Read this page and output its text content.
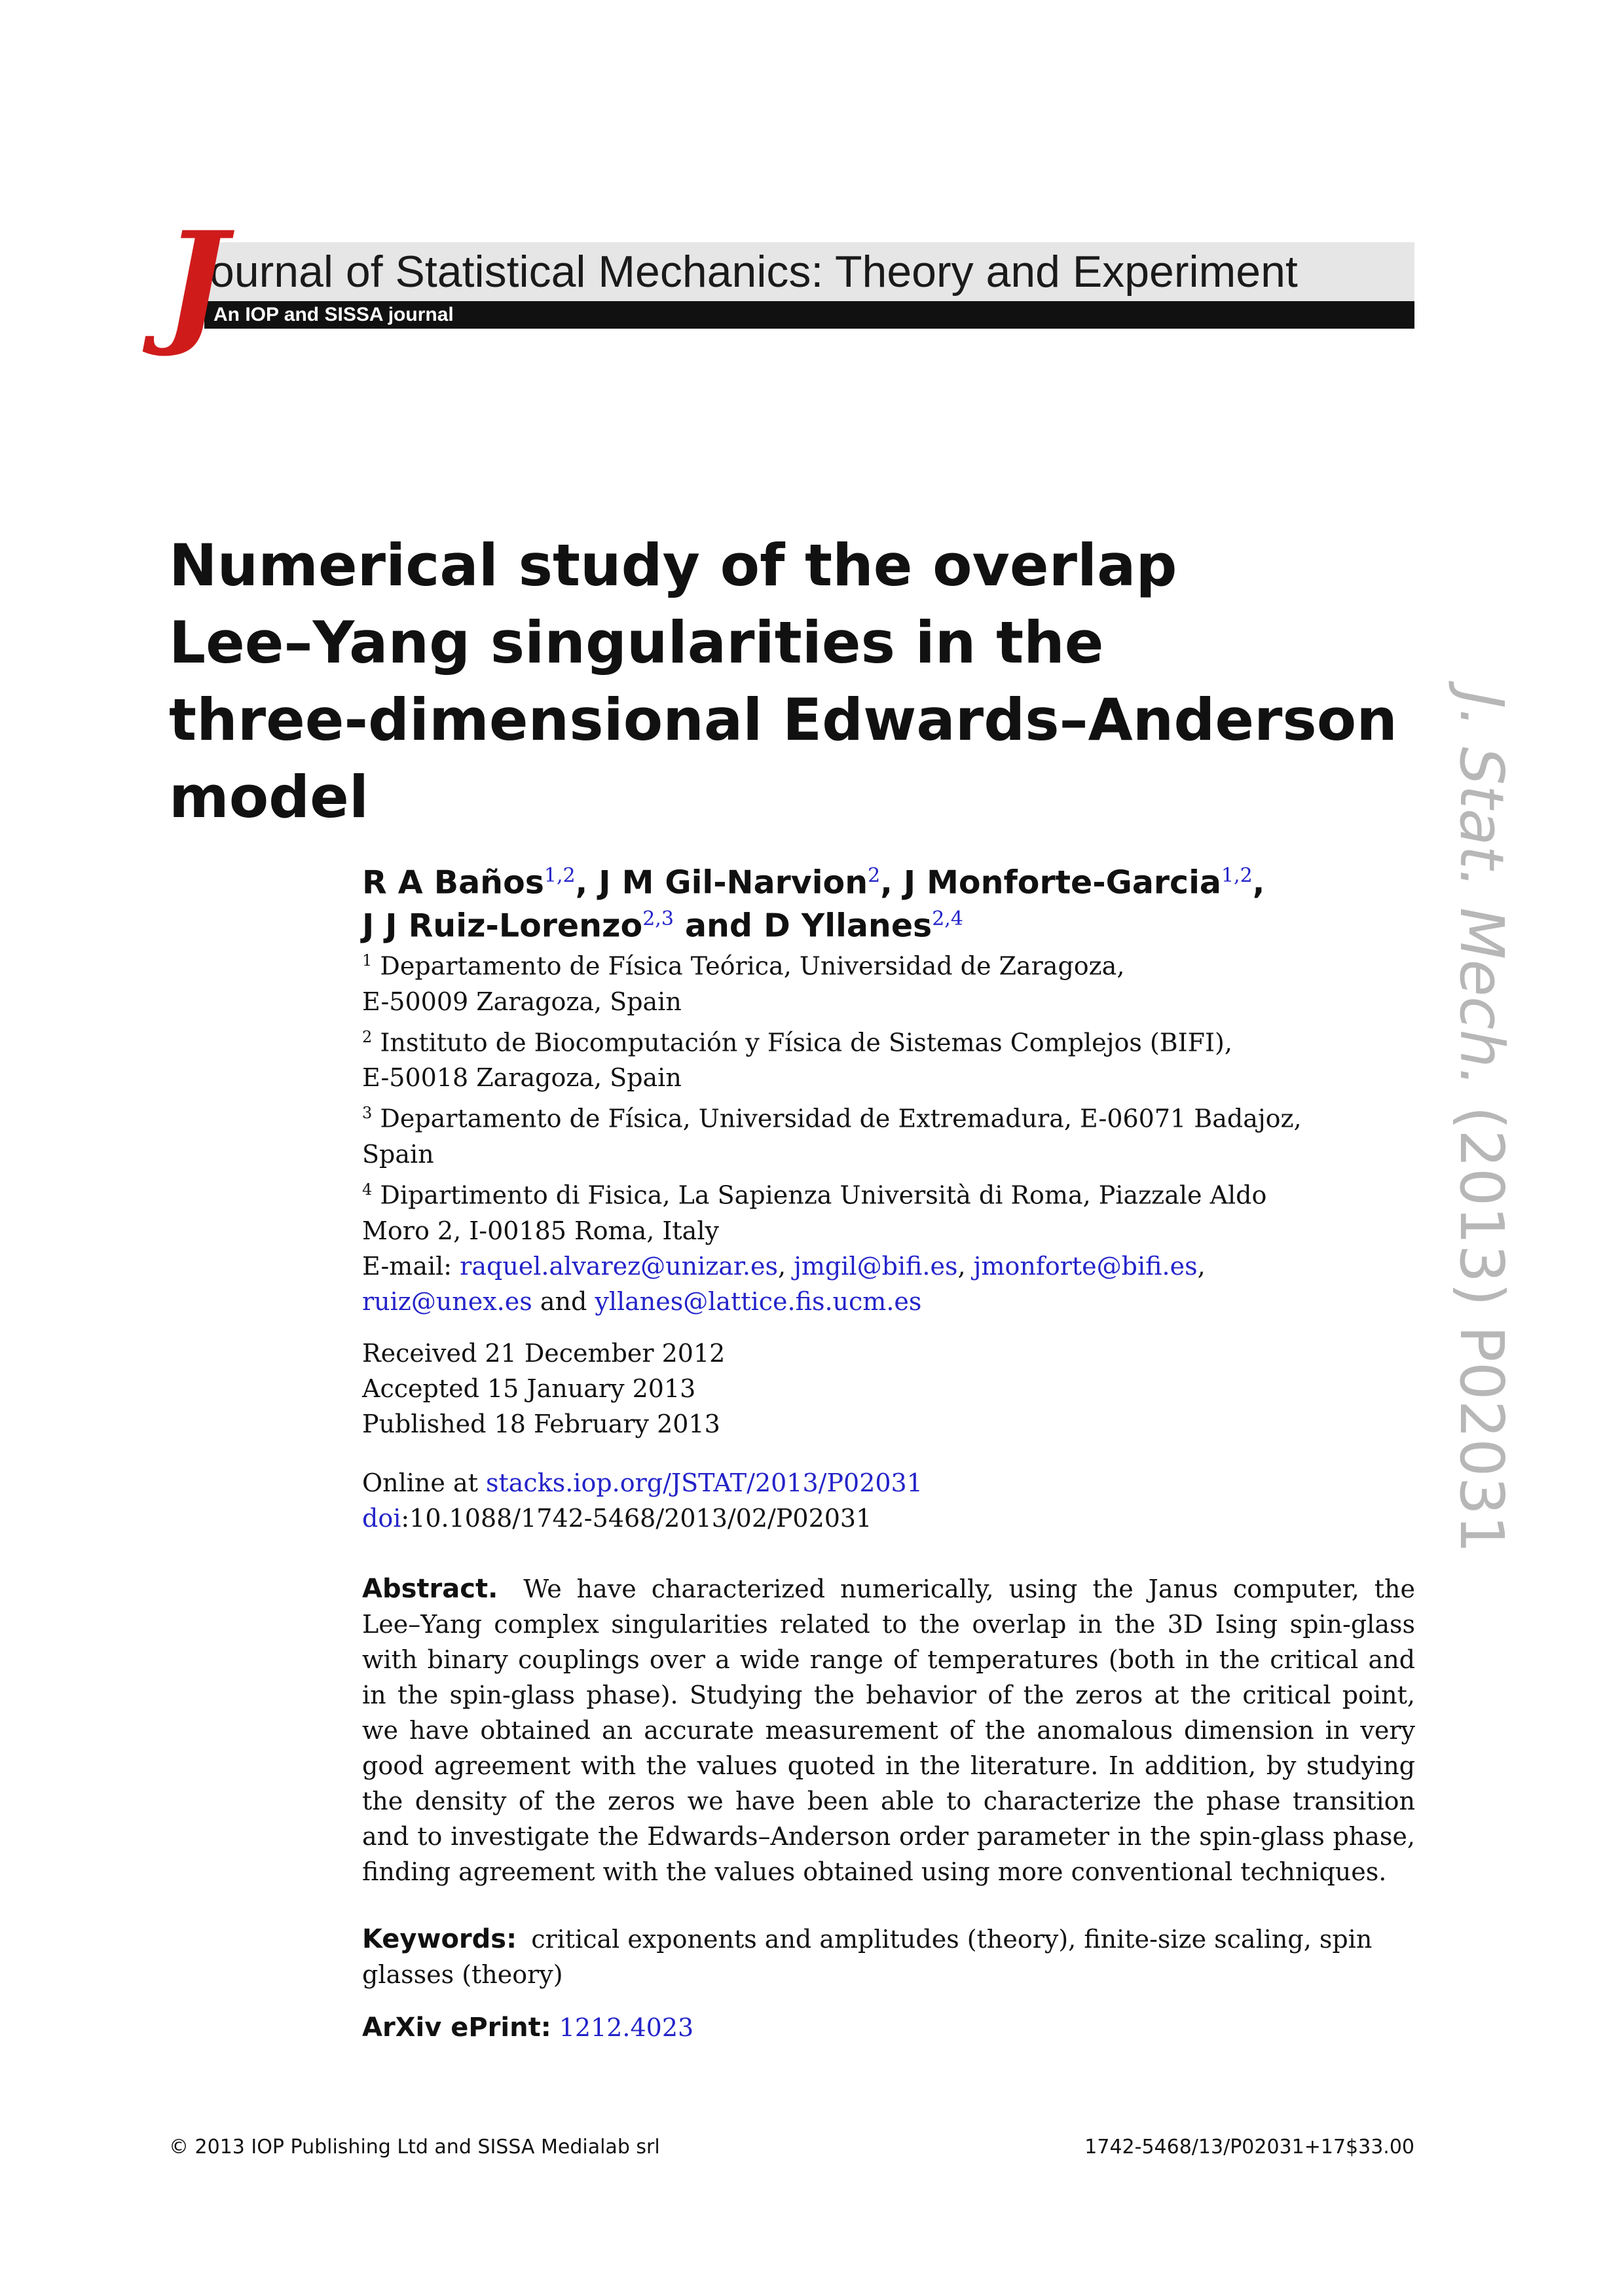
ournal of Statistical Mechanics: Theory and Experiment
An IOP and SISSA journal
J
Numerical study of the overlap
Lee–Yang singularities in the
three-dimensional Edwards–Anderson
model	J. Stat. Mech. (2013) P02031
R A Baños$^{1,2}$, J M Gil-Narvion$^2$, J Monforte-Garcia$^{1,2}$,
J J Ruiz-Lorenzo$^{2,3}$ and D Yllanes$^{2,4}$
$^1$ Departamento de Física Teórica, Universidad de Zaragoza,
E-50009 Zaragoza, Spain
$^2$ Instituto de Biocomputación y Física de Sistemas Complejos (BIFI),
E-50018 Zaragoza, Spain
$^3$ Departamento de Física, Universidad de Extremadura, E-06071 Badajoz,
Spain
$^4$ Dipartimento di Fisica, La Sapienza Università di Roma, Piazzale Aldo
Moro 2, I-00185 Roma, Italy
E-mail: raquel.alvarez@unizar.es, jmgil@bifi.es, jmonforte@bifi.es,
ruiz@unex.es and yllanes@lattice.fis.ucm.es
Received 21 December 2012
Accepted 15 January 2013
Published 18 February 2013
Online at stacks.iop.org/JSTAT/2013/P02031
doi:10.1088/1742-5468/2013/02/P02031
Abstract. We have characterized numerically, using the Janus computer, the
Lee–Yang complex singularities related to the overlap in the 3D Ising spin-glass
with binary couplings over a wide range of temperatures (both in the critical and
in the spin-glass phase). Studying the behavior of the zeros at the critical point,
we have obtained an accurate measurement of the anomalous dimension in very
good agreement with the values quoted in the literature. In addition, by studying
the density of the zeros we have been able to characterize the phase transition
and to investigate the Edwards–Anderson order parameter in the spin-glass phase,
finding agreement with the values obtained using more conventional techniques.
Keywords: critical exponents and amplitudes (theory), finite-size scaling, spin
glasses (theory)
ArXiv ePrint: 1212.4023
© 2013 IOP Publishing Ltd and SISSA Medialab srl	1742-5468/13/P02031+17$33.00
